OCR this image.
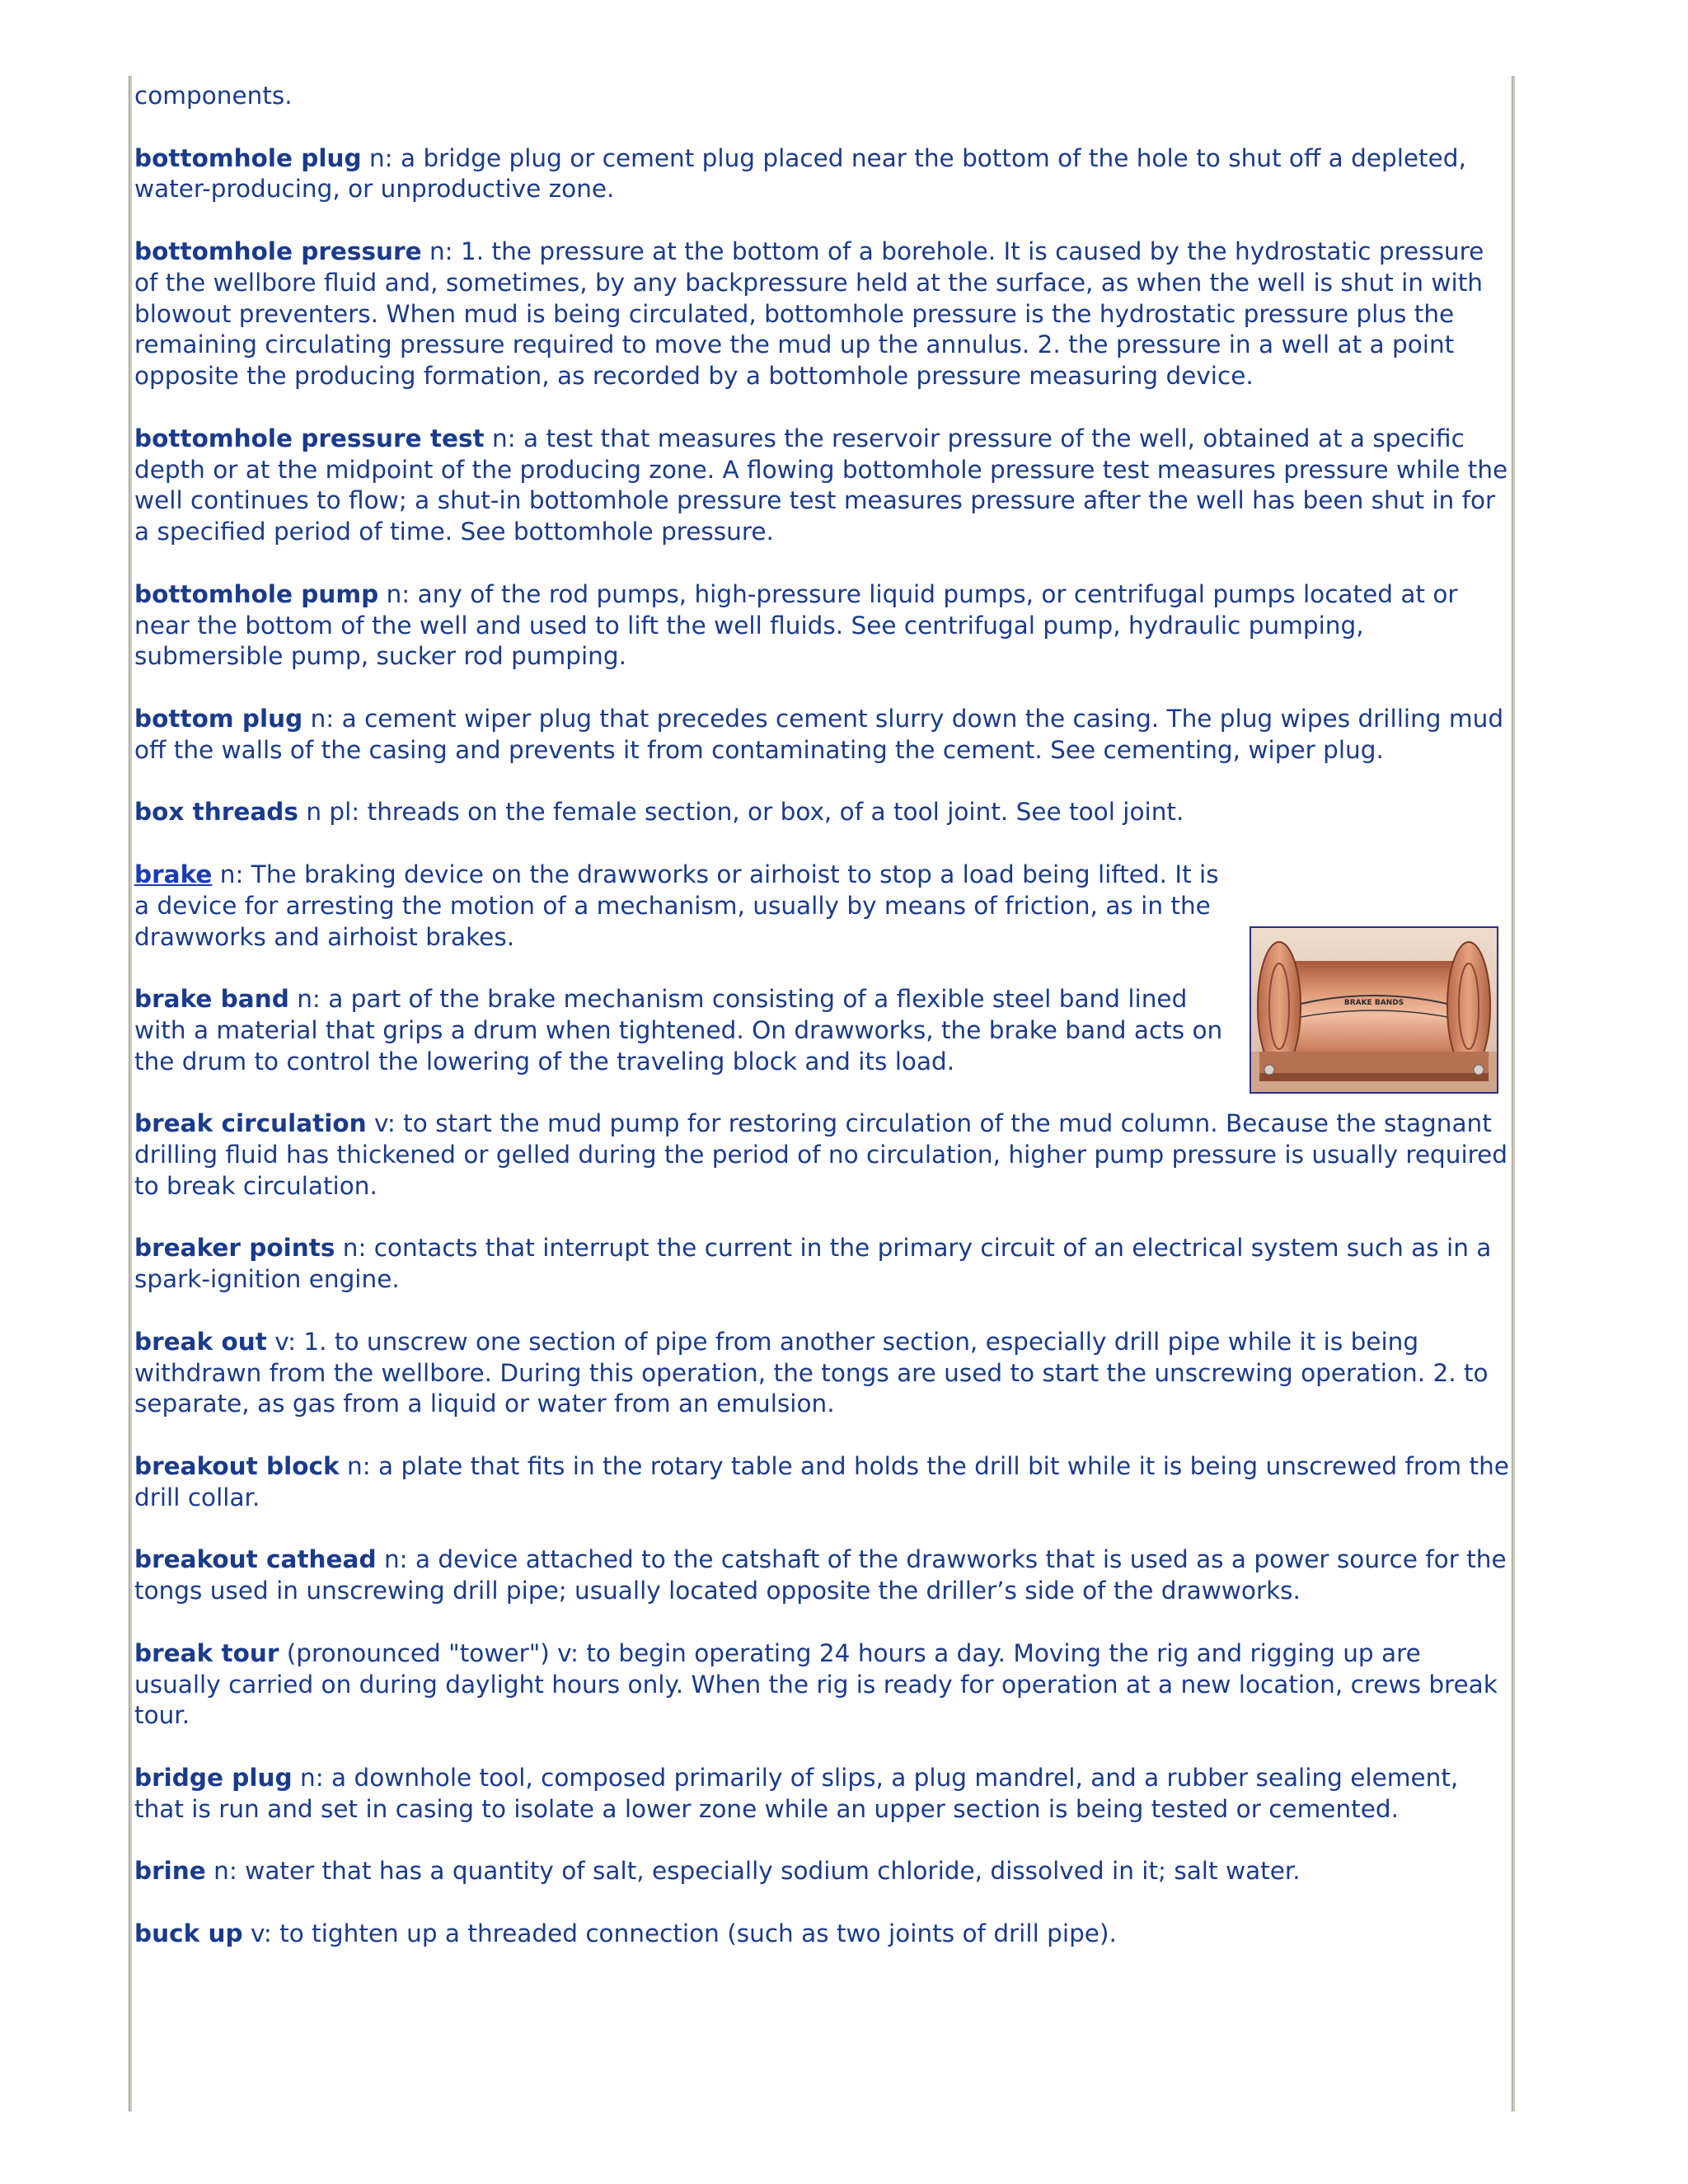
components.

bottomhole plug n: a bridge plug or cement plug placed near the bottom of the hole to shut off a depleted, water-producing, or unproductive zone.

bottomhole pressure n: 1. the pressure at the bottom of a borehole. It is caused by the hydrostatic pressure of the wellbore fluid and, sometimes, by any backpressure held at the surface, as when the well is shut in with blowout preventers. When mud is being circulated, bottomhole pressure is the hydrostatic pressure plus the remaining circulating pressure required to move the mud up the annulus. 2. the pressure in a well at a point opposite the producing formation, as recorded by a bottomhole pressure measuring device.

bottomhole pressure test n: a test that measures the reservoir pressure of the well, obtained at a specific depth or at the midpoint of the producing zone. A flowing bottomhole pressure test measures pressure while the well continues to flow; a shut-in bottomhole pressure test measures pressure after the well has been shut in for a specified period of time. See bottomhole pressure.

bottomhole pump n: any of the rod pumps, high-pressure liquid pumps, or centrifugal pumps located at or near the bottom of the well and used to lift the well fluids. See centrifugal pump, hydraulic pumping, submersible pump, sucker rod pumping.

bottom plug n: a cement wiper plug that precedes cement slurry down the casing. The plug wipes drilling mud off the walls of the casing and prevents it from contaminating the cement. See cementing, wiper plug.

box threads n pl: threads on the female section, or box, of a tool joint. See tool joint.

brake n: The braking device on the drawworks or airhoist to stop a load being lifted. It is a device for arresting the motion of a mechanism, usually by means of friction, as in the drawworks and airhoist brakes.

brake band n: a part of the brake mechanism consisting of a flexible steel band lined with a material that grips a drum when tightened. On drawworks, the brake band acts on the drum to control the lowering of the traveling block and its load.

break circulation v: to start the mud pump for restoring circulation of the mud column. Because the stagnant drilling fluid has thickened or gelled during the period of no circulation, higher pump pressure is usually required to break circulation.

breaker points n: contacts that interrupt the current in the primary circuit of an electrical system such as in a spark-ignition engine.

break out v: 1. to unscrew one section of pipe from another section, especially drill pipe while it is being withdrawn from the wellbore. During this operation, the tongs are used to start the unscrewing operation. 2. to separate, as gas from a liquid or water from an emulsion.

breakout block n: a plate that fits in the rotary table and holds the drill bit while it is being unscrewed from the drill collar.

breakout cathead n: a device attached to the catshaft of the drawworks that is used as a power source for the tongs used in unscrewing drill pipe; usually located opposite the driller’s side of the drawworks.

break tour (pronounced "tower") v: to begin operating 24 hours a day. Moving the rig and rigging up are usually carried on during daylight hours only. When the rig is ready for operation at a new location, crews break tour.

bridge plug n: a downhole tool, composed primarily of slips, a plug mandrel, and a rubber sealing element, that is run and set in casing to isolate a lower zone while an upper section is being tested or cemented.

brine n: water that has a quantity of salt, especially sodium chloride, dissolved in it; salt water.

buck up v: to tighten up a threaded connection (such as two joints of drill pipe).

BRAKE BANDS
